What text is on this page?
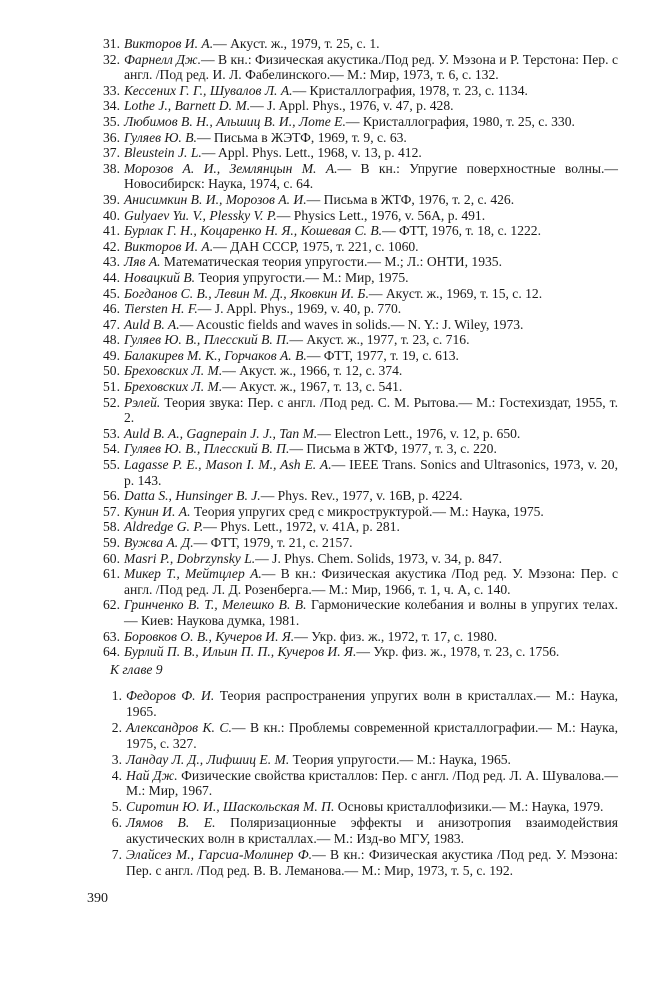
31. Викторов И. А.— Акуст. ж., 1979, т. 25, с. 1.
32. Фарнелл Дж.— В кн.: Физическая акустика./Под ред. У. Мэзона и Р. Терстона: Пер. с англ. /Под ред. И. Л. Фабелинского.— М.: Мир, 1973, т. 6, с. 132.
33. Кессених Г. Г., Шувалов Л. А.— Кристаллография, 1978, т. 23, с. 1134.
34. Lothe J., Barnett D. M.— J. Appl. Phys., 1976, v. 47, p. 428.
35. Любимов В. Н., Альшиц В. И., Лоте Е.— Кристаллография, 1980, т. 25, с. 330.
36. Гуляев Ю. В.— Письма в ЖЭТФ, 1969, т. 9, с. 63.
37. Bleustein J. L.— Appl. Phys. Lett., 1968, v. 13, p. 412.
38. Морозов А. И., Землянцын М. А.— В кн.: Упругие поверхностные волны.— Новосибирск: Наука, 1974, с. 64.
39. Анисимкин В. И., Морозов А. И.— Письма в ЖТФ, 1976, т. 2, с. 426.
40. Gulyaev Yu. V., Plessky V. P.— Physics Lett., 1976, v. 56A, p. 491.
41. Бурлак Г. Н., Коцаренко Н. Я., Кошевая С. В.— ФТТ, 1976, т. 18, с. 1222.
42. Викторов И. А.— ДАН СССР, 1975, т. 221, с. 1060.
43. Ляв А. Математическая теория упругости.— М.; Л.: ОНТИ, 1935.
44. Новацкий В. Теория упругости.— М.: Мир, 1975.
45. Богданов С. В., Левин М. Д., Яковкин И. Б.— Акуст. ж., 1969, т. 15, с. 12.
46. Tiersten H. F.— J. Appl. Phys., 1969, v. 40, p. 770.
47. Auld B. A.— Acoustic fields and waves in solids.— N. Y.: J. Wiley, 1973.
48. Гуляев Ю. В., Плесский В. П.— Акуст. ж., 1977, т. 23, с. 716.
49. Балакирев М. К., Горчаков А. В.— ФТТ, 1977, т. 19, с. 613.
50. Бреховских Л. М.— Акуст. ж., 1966, т. 12, с. 374.
51. Бреховских Л. М.— Акуст. ж., 1967, т. 13, с. 541.
52. Рэлей. Теория звука: Пер. с англ. /Под ред. С. М. Рытова.— М.: Гостехиздат, 1955, т. 2.
53. Auld B. A., Gagnepain J. J., Tan M.— Electron Lett., 1976, v. 12, p. 650.
54. Гуляев Ю. В., Плесский В. П.— Письма в ЖТФ, 1977, т. 3, с. 220.
55. Lagasse P. E., Mason I. M., Ash E. A.— IEEE Trans. Sonics and Ultrasonics, 1973, v. 20, p. 143.
56. Datta S., Hunsinger B. J.— Phys. Rev., 1977, v. 16B, p. 4224.
57. Кунин И. А. Теория упругих сред с микроструктурой.— М.: Наука, 1975.
58. Aldredge G. P.— Phys. Lett., 1972, v. 41A, p. 281.
59. Вужва А. Д.— ФТТ, 1979, т. 21, с. 2157.
60. Masri P., Dobrzynsky L.— J. Phys. Chem. Solids, 1973, v. 34, p. 847.
61. Микер Т., Мейтцлер А.— В кн.: Физическая акустика /Под ред. У. Мэзона: Пер. с англ. /Под ред. Л. Д. Розенберга.— М.: Мир, 1966, т. 1, ч. А, с. 140.
62. Гринченко В. Т., Мелешко В. В. Гармонические колебания и волны в упругих телах.— Киев: Наукова думка, 1981.
63. Боровков О. В., Кучеров И. Я.— Укр. физ. ж., 1972, т. 17, с. 1980.
64. Бурлий П. В., Ильин П. П., Кучеров И. Я.— Укр. физ. ж., 1978, т. 23, с. 1756.
К главе 9
1. Федоров Ф. И. Теория распространения упругих волн в кристаллах.— М.: Наука, 1965.
2. Александров К. С.— В кн.: Проблемы современной кристаллографии.— М.: Наука, 1975, с. 327.
3. Ландау Л. Д., Лифшиц Е. М. Теория упругости.— М.: Наука, 1965.
4. Най Дж. Физические свойства кристаллов: Пер. с англ. /Под ред. Л. А. Шувалова.— М.: Мир, 1967.
5. Сиротин Ю. И., Шаскольская М. П. Основы кристаллофизики.— М.: Наука, 1979.
6. Лямов В. Е. Поляризационные эффекты и анизотропия взаимодействия акустических волн в кристаллах.— М.: Изд-во МГУ, 1983.
7. Элайсез М., Гарсиа-Молинер Ф.— В кн.: Физическая акустика /Под ред. У. Мэзона: Пер. с англ. /Под ред. В. В. Леманова.— М.: Мир, 1973, т. 5, с. 192.
390
